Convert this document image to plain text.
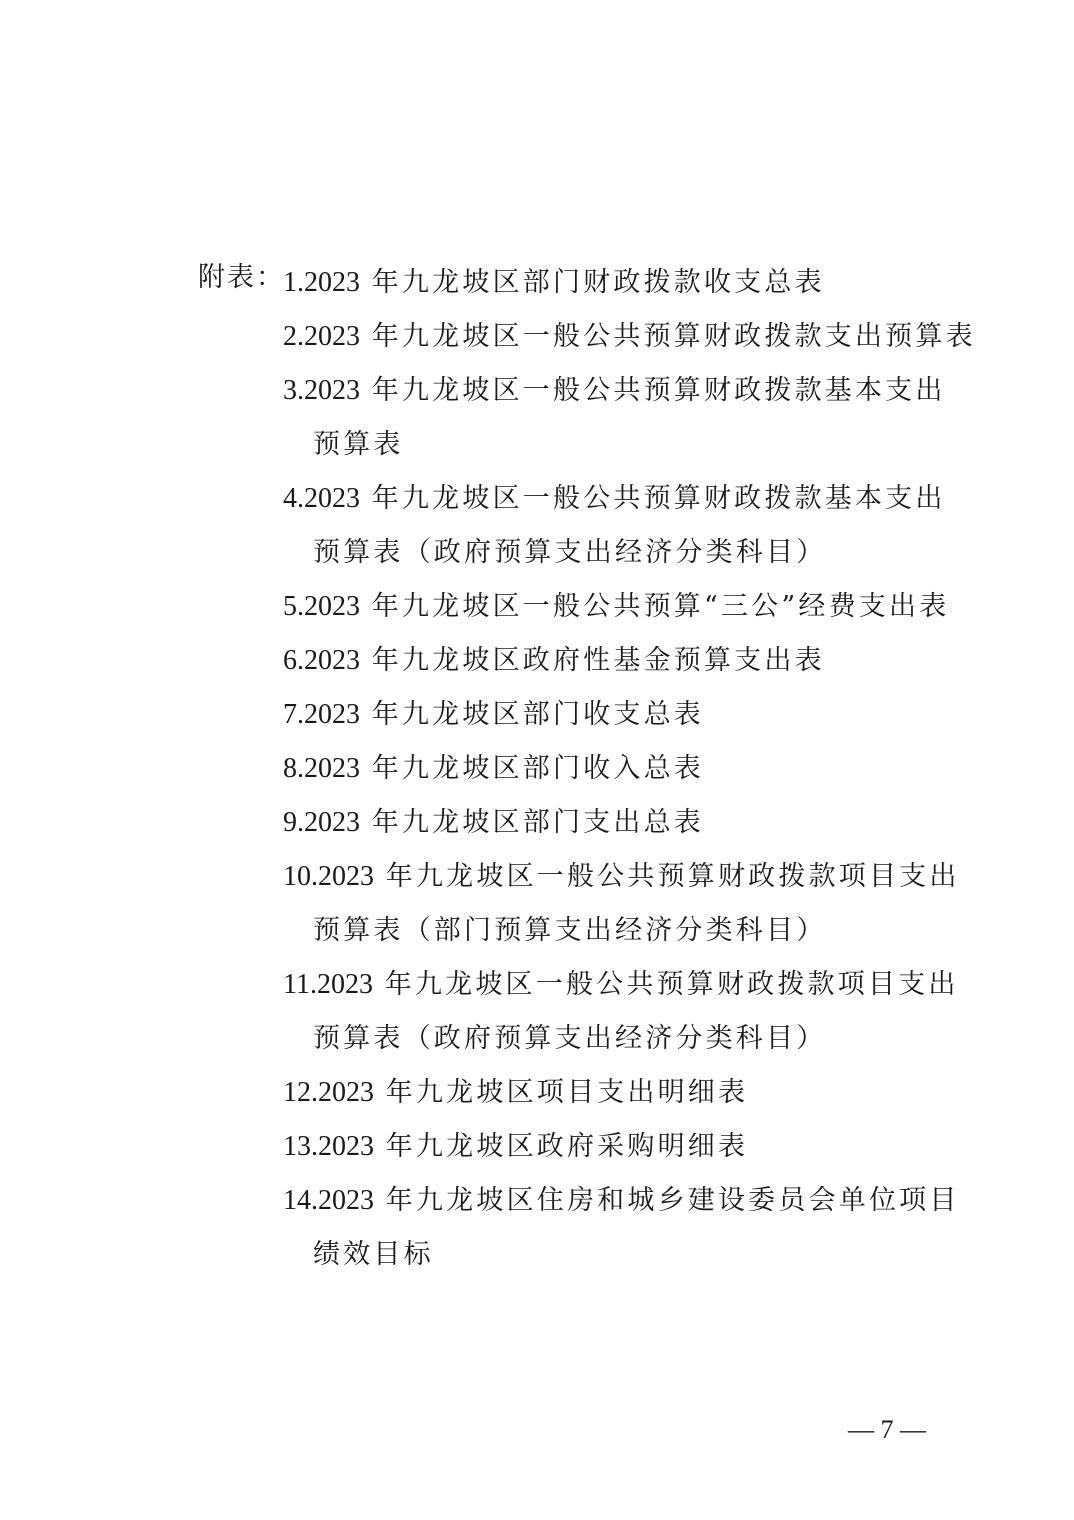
附表：
1.2023 年九龙坡区部门财政拨款收支总表
2.2023 年九龙坡区一般公共预算财政拨款支出预算表
3.2023 年九龙坡区一般公共预算财政拨款基本支出
预算表
4.2023 年九龙坡区一般公共预算财政拨款基本支出
预算表（政府预算支出经济分类科目）
5.2023 年九龙坡区一般公共预算“三公”经费支出表
6.2023 年九龙坡区政府性基金预算支出表
7.2023 年九龙坡区部门收支总表
8.2023 年九龙坡区部门收入总表
9.2023 年九龙坡区部门支出总表
10.2023 年九龙坡区一般公共预算财政拨款项目支出
预算表（部门预算支出经济分类科目）
11.2023 年九龙坡区一般公共预算财政拨款项目支出
预算表（政府预算支出经济分类科目）
12.2023 年九龙坡区项目支出明细表
13.2023 年九龙坡区政府采购明细表
14.2023 年九龙坡区住房和城乡建设委员会单位项目
绩效目标
— 7 —
